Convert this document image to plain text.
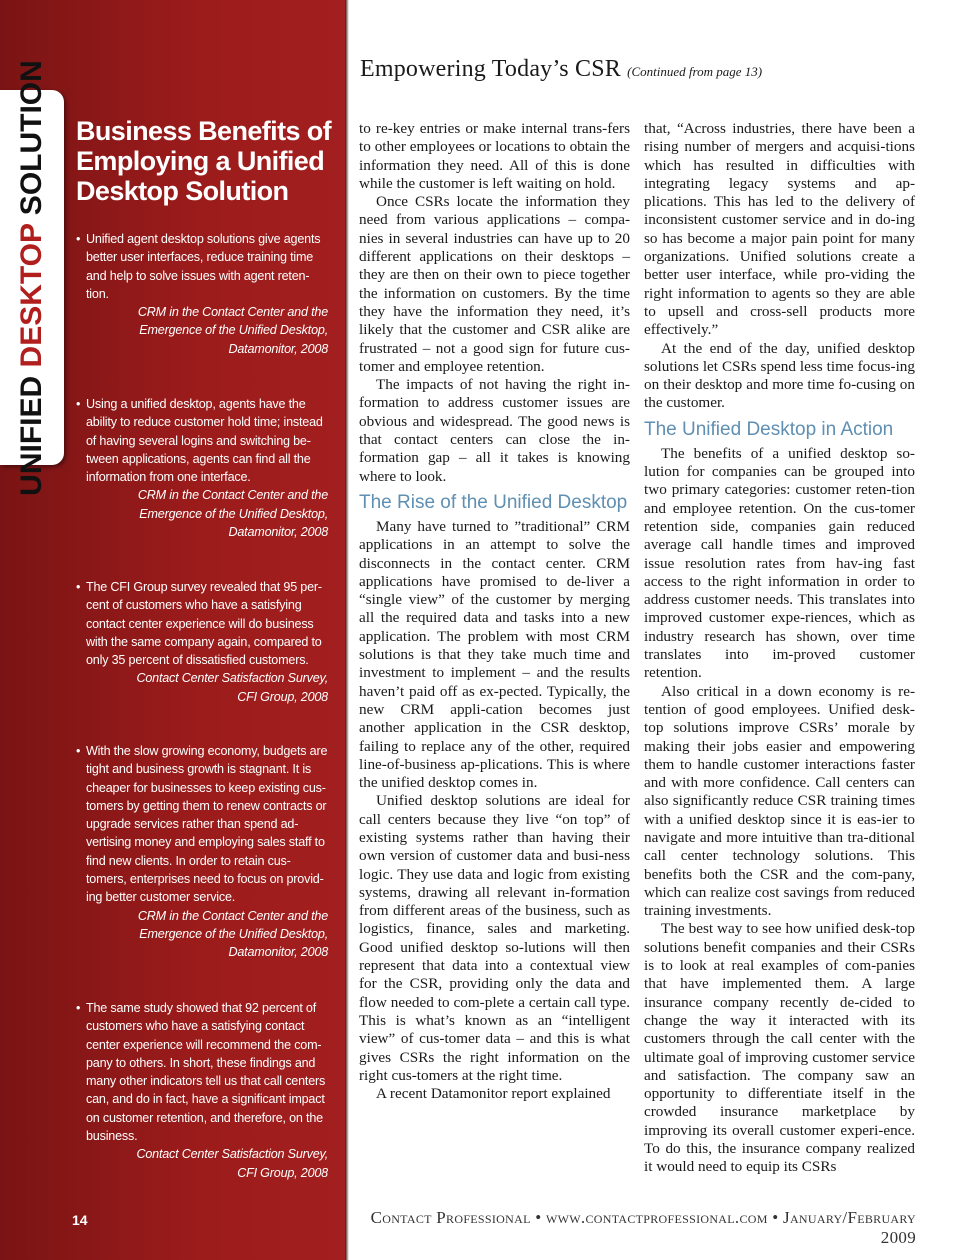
UNIFIED DESKTOP SOLUTION Business Benefits of Employing a Unified Desktop Solution
• Unified agent desktop solutions give agents better user interfaces, reduce training time and help to solve issues with agent reten-tion.
CRM in the Contact Center and the
Emergence of the Unified Desktop,
Datamonitor, 2008
• Using a unified desktop, agents have the ability to reduce customer hold time; instead of having several logins and switching be-tween applications, agents can find all the information from one interface.
CRM in the Contact Center and the
Emergence of the Unified Desktop,
Datamonitor, 2008
• The CFI Group survey revealed that 95 per-cent of customers who have a satisfying contact center experience will do business with the same company again, compared to only 35 percent of dissatisfied customers.
Contact Center Satisfaction Survey,
CFI Group, 2008
• With the slow growing economy, budgets are tight and business growth is stagnant. It is cheaper for businesses to keep existing cus-tomers by getting them to renew contracts or upgrade services rather than spend ad-vertising money and employing sales staff to find new clients. In order to retain cus-tomers, enterprises need to focus on provid-ing better customer service.
CRM in the Contact Center and the
Emergence of the Unified Desktop,
Datamonitor, 2008
• The same study showed that 92 percent of customers who have a satisfying contact center experience will recommend the com-pany to others. In short, these findings and many other indicators tell us that call centers can, and do in fact, have a significant impact on customer retention, and therefore, on the business.
Contact Center Satisfaction Survey,
CFI Group, 2008
Empowering Today’s CSR (Continued from page 13)

to re-key entries or make internal trans-fers to other employees or locations to obtain the information they need. All of this is done while the customer is left waiting on hold.

Once CSRs locate the information they need from various applications – compa-nies in several industries can have up to 20 different applications on their desktops – they are then on their own to piece together the information on customers. By the time they have the information they need, it’s likely that the customer and CSR alike are frustrated – not a good sign for future cus-tomer and employee retention.

The impacts of not having the right in-formation to address customer issues are obvious and widespread. The good news is that contact centers can close the in-formation gap – all it takes is knowing where to look.

The Rise of the Unified Desktop

Many have turned to ”traditional” CRM applications in an attempt to solve the disconnects in the contact center. CRM applications have promised to de-liver a “single view” of the customer by merging all the required data and tasks into a new application. The problem with most CRM solutions is that they take much time and investment to implement – and the results haven’t paid off as ex-pected. Typically, the new CRM appli-cation becomes just another application in the CSR desktop, failing to replace any of the other, required line-of-business ap-plications. This is where the unified desktop comes in.

Unified desktop solutions are ideal for call centers because they live “on top” of existing systems rather than having their own version of customer data and busi-ness logic. They use data and logic from existing systems, drawing all relevant in-formation from different areas of the business, such as logistics, finance, sales and marketing. Good unified desktop so-lutions will then represent that data into a contextual view for the CSR, providing only the data and flow needed to com-plete a certain call type. This is what’s known as an “intelligent view” of cus-tomer data – and this is what gives CSRs the right information on the right cus-tomers at the right time.

A recent Datamonitor report explained

that, “Across industries, there have been a rising number of mergers and acquisi-tions which has resulted in difficulties with integrating legacy systems and ap-plications. This has led to the delivery of inconsistent customer service and in do-ing so has become a major pain point for many organizations. Unified solutions create a better user interface, while pro-viding the right information to agents so they are able to upsell and cross-sell products more effectively.”

At the end of the day, unified desktop solutions let CSRs spend less time focus-ing on their desktop and more time fo-cusing on the customer.

The Unified Desktop in Action

The benefits of a unified desktop so-lution for companies can be grouped into two primary categories: customer reten-tion and employee retention. On the cus-tomer retention side, companies gain reduced average call handle times and improved issue resolution rates from hav-ing fast access to the right information in order to address customer needs. This translates into improved customer expe-riences, which as industry research has shown, over time translates into im-proved customer retention.

Also critical in a down economy is re-tention of good employees. Unified desk-top solutions improve CSRs’ morale by making their jobs easier and empowering them to handle customer interactions faster and with more confidence. Call centers can also significantly reduce CSR training times with a unified desktop since it is eas-ier to navigate and more intuitive than tra-ditional call center technology solutions. This benefits both the CSR and the com-pany, which can realize cost savings from reduced training investments.

The best way to see how unified desk-top solutions benefit companies and their CSRs is to look at real examples of com-panies that have implemented them. A large insurance company recently de-cided to change the way it interacted with its customers through the call center with the ultimate goal of improving customer service and satisfaction. The company saw an opportunity to differentiate itself in the crowded insurance marketplace by improving its overall customer experi-ence. To do this, the insurance company realized it would need to equip its CSRs

14	Contact Professional • www.contactprofessional.com • January/February 2009
